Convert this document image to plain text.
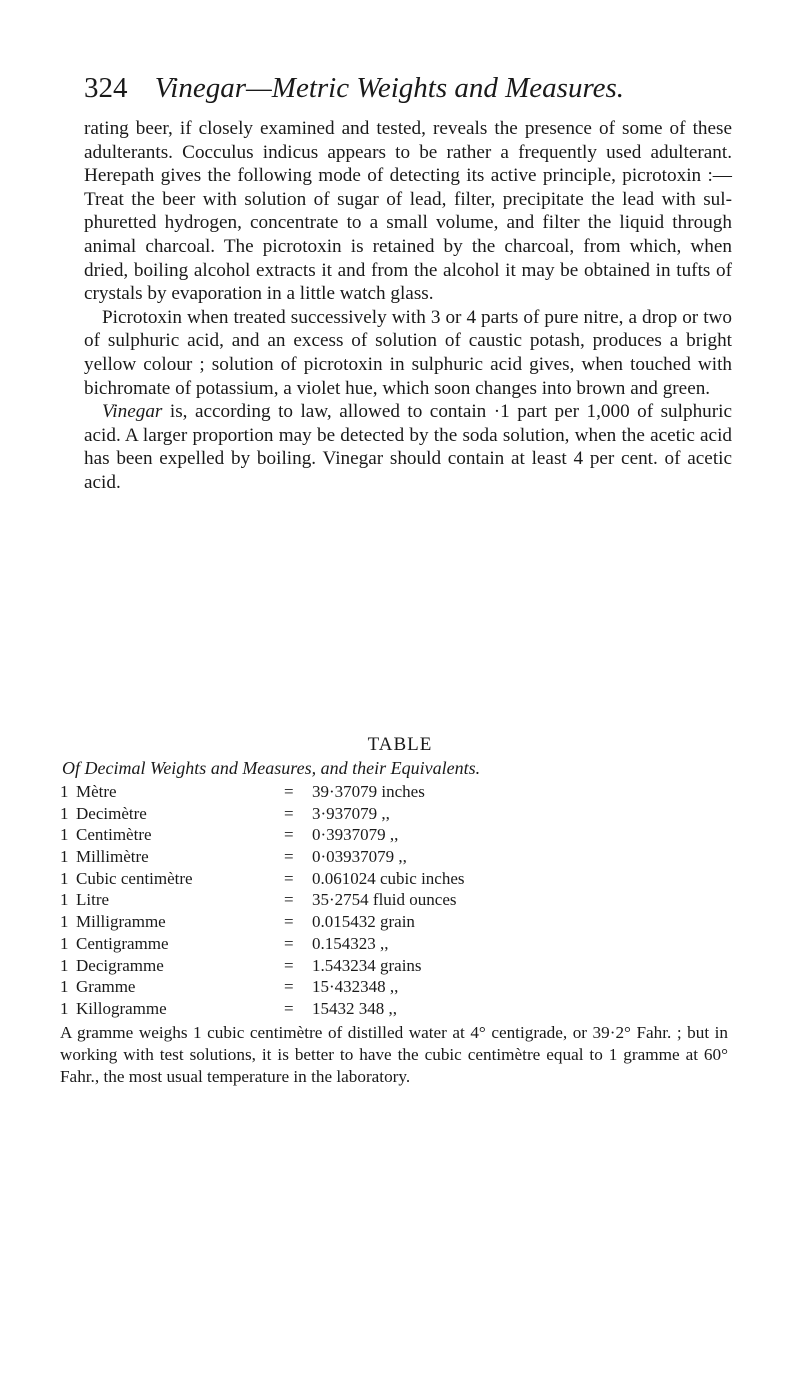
324 Vinegar—Metric Weights and Measures.

rating beer, if closely examined and tested, reveals the presence of some of these adulterants. Cocculus indicus appears to be rather a frequently used adulterant. Herepath gives the following mode of detecting its active principle, picrotoxin :—Treat the beer with solution of sugar of lead, filter, precipitate the lead with sulphuretted hydrogen, concentrate to a small volume, and filter the liquid through animal charcoal. The picrotoxin is retained by the charcoal, from which, when dried, boiling alcohol extracts it and from the alcohol it may be obtained in tufts of crystals by evaporation in a little watch glass.

Picrotoxin when treated successively with 3 or 4 parts of pure nitre, a drop or two of sulphuric acid, and an excess of solution of caustic potash, produces a bright yellow colour ; solution of picrotoxin in sulphuric acid gives, when touched with bichromate of potassium, a violet hue, which soon changes into brown and green.

Vinegar is, according to law, allowed to contain ·1 part per 1,000 of sulphuric acid. A larger proportion may be detected by the soda solution, when the acetic acid has been expelled by boiling. Vinegar should contain at least 4 per cent. of acetic acid.

TABLE
Of Decimal Weights and Measures, and their Equivalents.
1 Mètre	= 39·37079 inches
1 Decimètre	= 3·937079 ,,
1 Centimètre	= 0·3937079 ,,
1 Millimètre	= 0·03937079 ,,
1 Cubic centimètre	= 0.061024 cubic inches
1 Litre	= 35·2754 fluid ounces
1 Milligramme	= 0.015432 grain
1 Centigramme	= 0.154323 ,,
1 Decigramme	= 1.543234 grains
1 Gramme	= 15·432348 ,,
1 Killogramme	= 15432 348 ,,

A gramme weighs 1 cubic centimètre of distilled water at 4° centigrade, or 39·2° Fahr. ; but in working with test solutions, it is better to have the cubic centimètre equal to 1 gramme at 60° Fahr., the most usual temperature in the laboratory.
